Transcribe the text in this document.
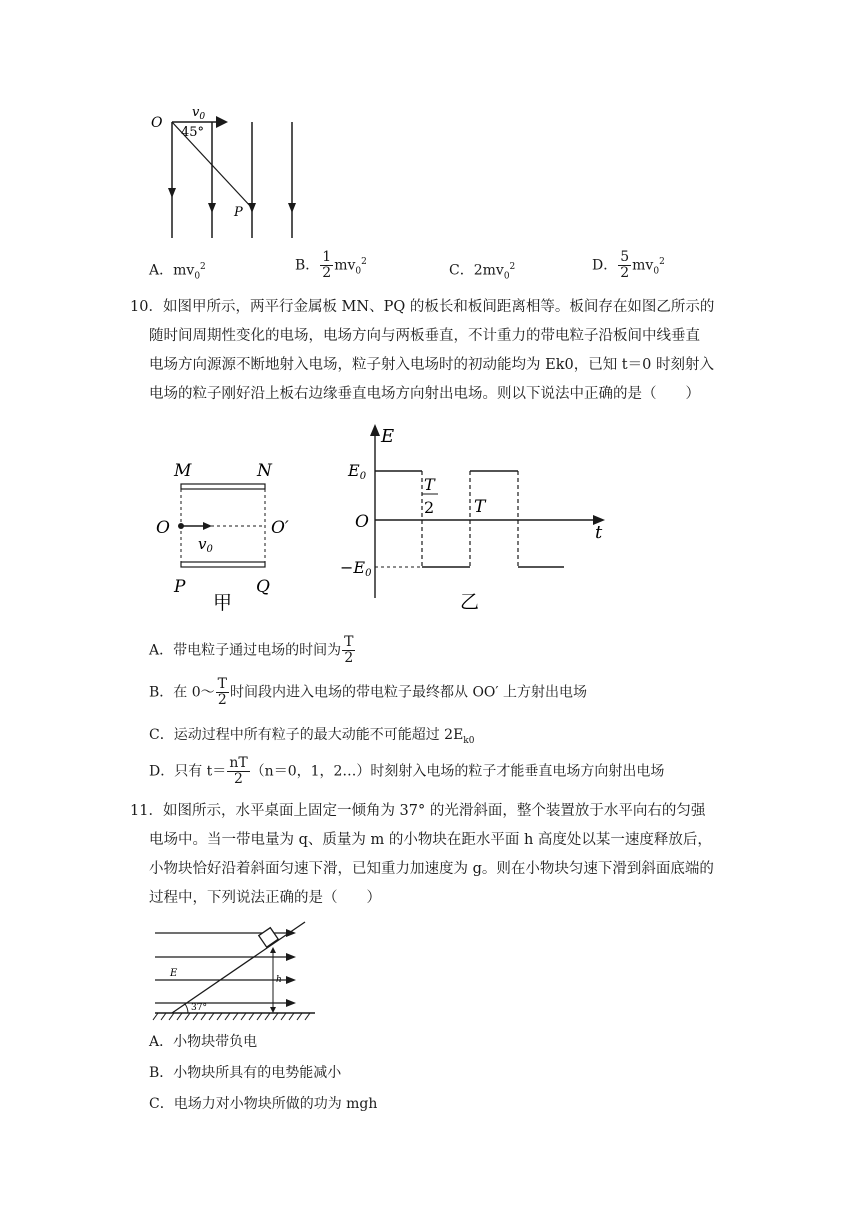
O
$v_0$
45°
P
A．$mv_0^2$	B． $\frac{1}{2} mv_0^2$
C．$2mv_0^2$	D． $\frac{5}{2} mv_0^2$
10．如图甲所示，两平行金属板 MN、PQ 的板长和板间距离相等。板间存在如图乙所示的
随时间周期性变化的电场，电场方向与两板垂直，不计重力的带电粒子沿板间中线垂直
电场方向源源不断地射入电场，粒子射入电场时的初动能均为 Ek0，已知 t＝0 时刻射入
电场的粒子刚好沿上板右边缘垂直电场方向射出电场。则以下说法中正确的是（　　）
M	N
O	O′
$v_0$
P	Q
甲
E
E0
−E0
O
T
2 T
t
乙
A．带电粒子通过电场的时间为 $\frac{T}{2}$
B．在 0～ $\frac{T}{2}$ 时间段内进入电场的带电粒子最终都从 OO′ 上方射出电场
C．运动过程中所有粒子的最大动能不可能超过 $2E_{k0}$
D．只有 $t= \frac{nT}{2} (n=0$，1，2…）时刻射入电场的粒子才能垂直电场方向射出电场
11．如图所示，水平桌面上固定一倾角为 37° 的光滑斜面，整个装置放于水平向右的匀强
电场中。当一带电量为 q、质量为 m 的小物块在距水平面 h 高度处以某一速度释放后，
小物块恰好沿着斜面匀速下滑，已知重力加速度为 g。则在小物块匀速下滑到斜面底端的
过程中，下列说法正确的是（　　）
h
E
37°
A．小物块带负电
B．小物块所具有的电势能减小
C．电场力对小物块所做的功为 mgh
